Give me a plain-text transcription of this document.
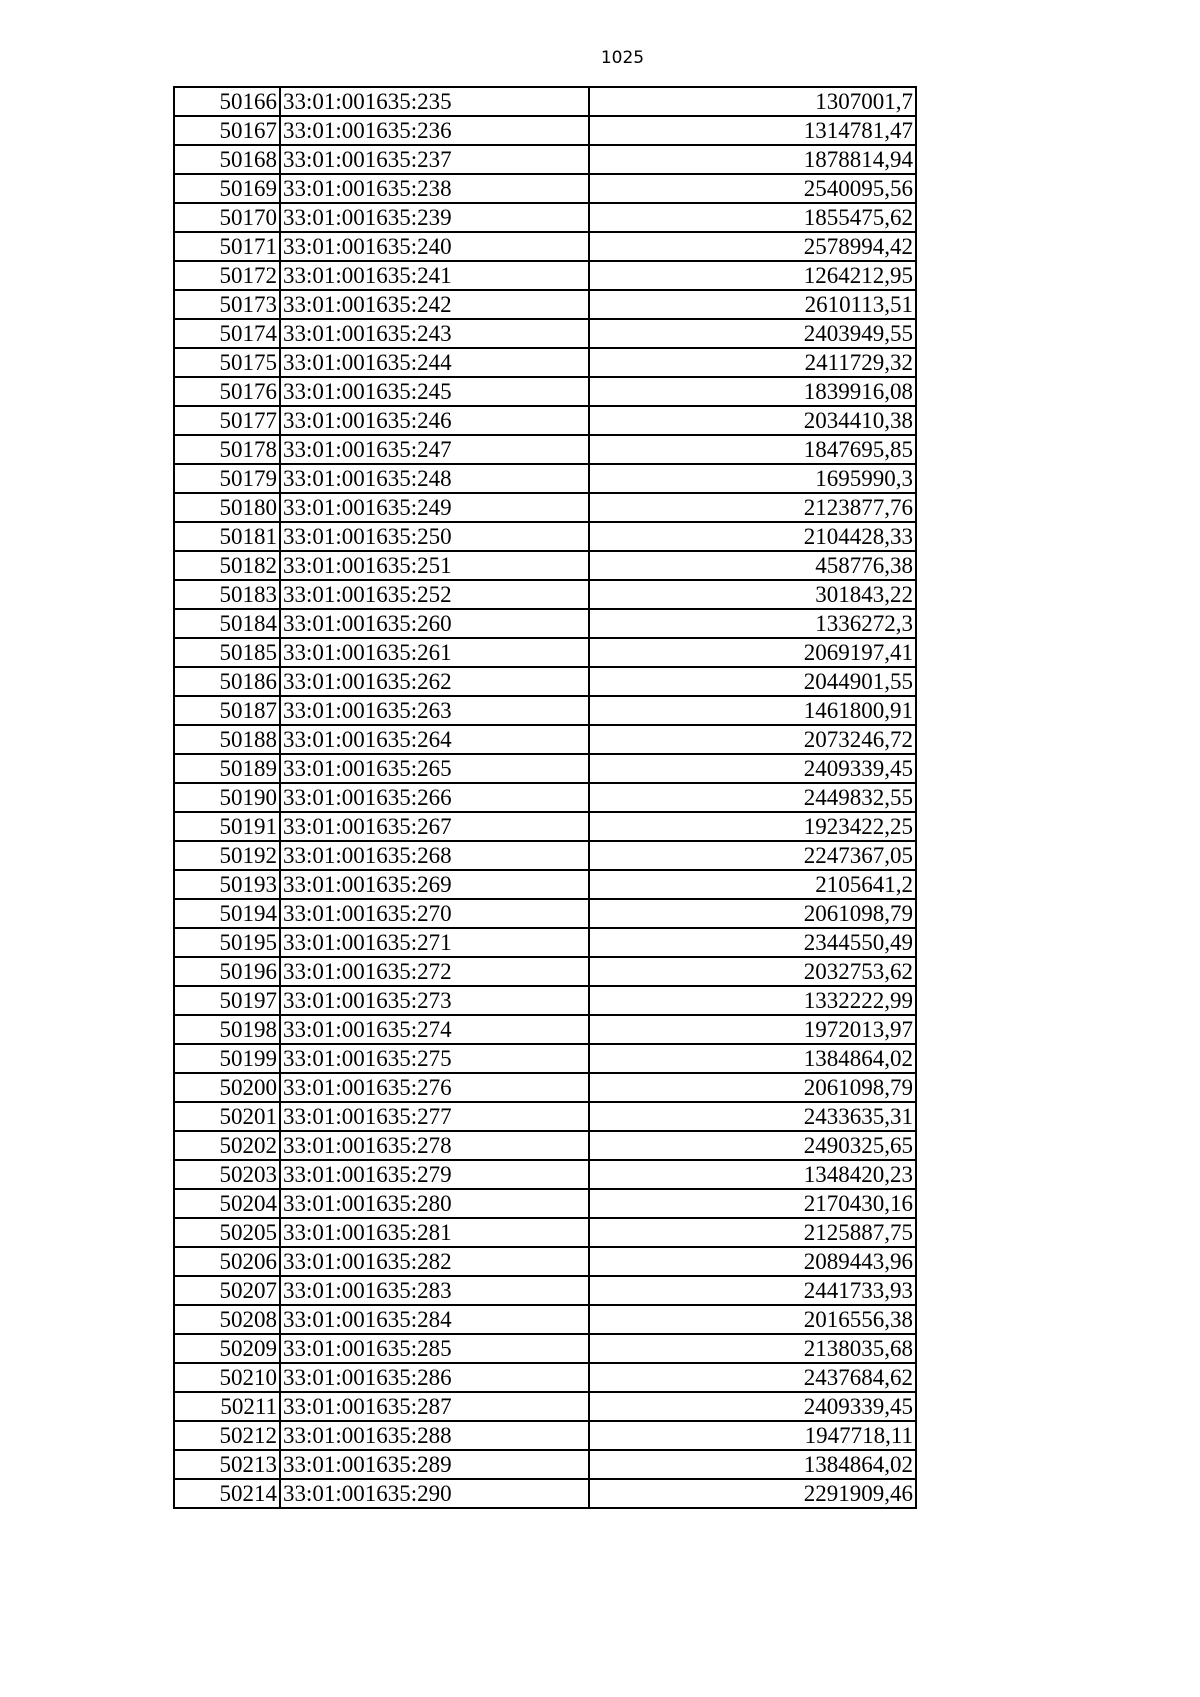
1025
50166	33:01:001635:235	1307001,7
50167	33:01:001635:236	1314781,47
50168	33:01:001635:237	1878814,94
50169	33:01:001635:238	2540095,56
50170	33:01:001635:239	1855475,62
50171	33:01:001635:240	2578994,42
50172	33:01:001635:241	1264212,95
50173	33:01:001635:242	2610113,51
50174	33:01:001635:243	2403949,55
50175	33:01:001635:244	2411729,32
50176	33:01:001635:245	1839916,08
50177	33:01:001635:246	2034410,38
50178	33:01:001635:247	1847695,85
50179	33:01:001635:248	1695990,3
50180	33:01:001635:249	2123877,76
50181	33:01:001635:250	2104428,33
50182	33:01:001635:251	458776,38
50183	33:01:001635:252	301843,22
50184	33:01:001635:260	1336272,3
50185	33:01:001635:261	2069197,41
50186	33:01:001635:262	2044901,55
50187	33:01:001635:263	1461800,91
50188	33:01:001635:264	2073246,72
50189	33:01:001635:265	2409339,45
50190	33:01:001635:266	2449832,55
50191	33:01:001635:267	1923422,25
50192	33:01:001635:268	2247367,05
50193	33:01:001635:269	2105641,2
50194	33:01:001635:270	2061098,79
50195	33:01:001635:271	2344550,49
50196	33:01:001635:272	2032753,62
50197	33:01:001635:273	1332222,99
50198	33:01:001635:274	1972013,97
50199	33:01:001635:275	1384864,02
50200	33:01:001635:276	2061098,79
50201	33:01:001635:277	2433635,31
50202	33:01:001635:278	2490325,65
50203	33:01:001635:279	1348420,23
50204	33:01:001635:280	2170430,16
50205	33:01:001635:281	2125887,75
50206	33:01:001635:282	2089443,96
50207	33:01:001635:283	2441733,93
50208	33:01:001635:284	2016556,38
50209	33:01:001635:285	2138035,68
50210	33:01:001635:286	2437684,62
50211	33:01:001635:287	2409339,45
50212	33:01:001635:288	1947718,11
50213	33:01:001635:289	1384864,02
50214	33:01:001635:290	2291909,46
